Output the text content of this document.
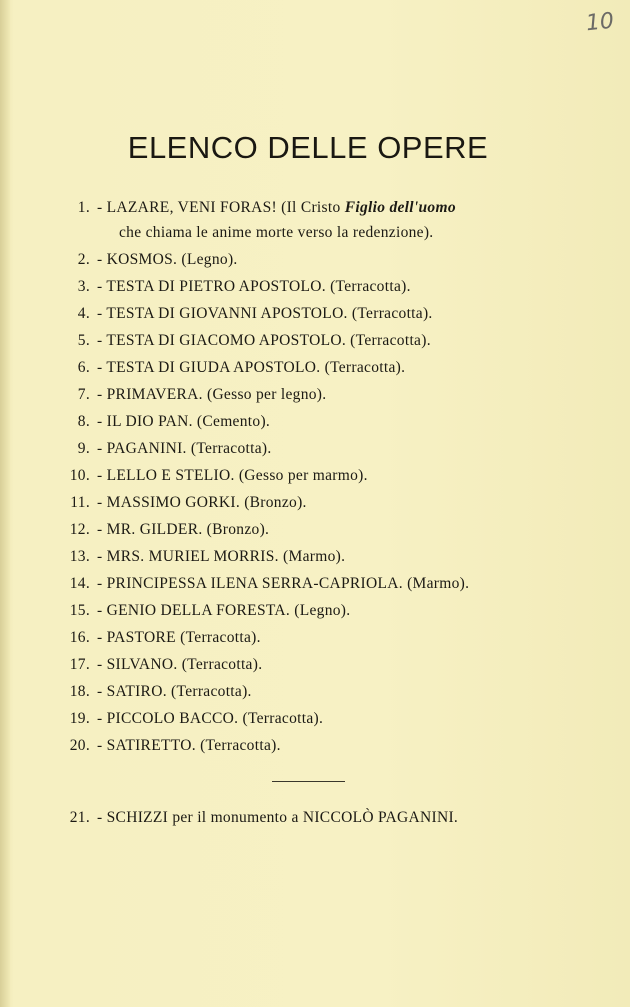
10
ELENCO DELLE OPERE
1. - LAZARE, VENI FORAS! (Il Cristo Figlio dell'uomo
che chiama le anime morte verso la redenzione).
2. - KOSMOS. (Legno).
3. - TESTA DI PIETRO APOSTOLO. (Terracotta).
4. - TESTA DI GIOVANNI APOSTOLO. (Terracotta).
5. - TESTA DI GIACOMO APOSTOLO. (Terracotta).
6. - TESTA DI GIUDA APOSTOLO. (Terracotta).
7. - PRIMAVERA. (Gesso per legno).
8. - IL DIO PAN. (Cemento).
9. - PAGANINI. (Terracotta).
10. - LELLO E STELIO. (Gesso per marmo).
11. - MASSIMO GORKI. (Bronzo).
12. - MR. GILDER. (Bronzo).
13. - MRS. MURIEL MORRIS. (Marmo).
14. - PRINCIPESSA ILENA SERRA-CAPRIOLA. (Marmo).
15. - GENIO DELLA FORESTA. (Legno).
16. - PASTORE (Terracotta).
17. - SILVANO. (Terracotta).
18. - SATIRO. (Terracotta).
19. - PICCOLO BACCO. (Terracotta).
20. - SATIRETTO. (Terracotta).
21. - SCHIZZI per il monumento a NICCOLÒ PAGANINI.
